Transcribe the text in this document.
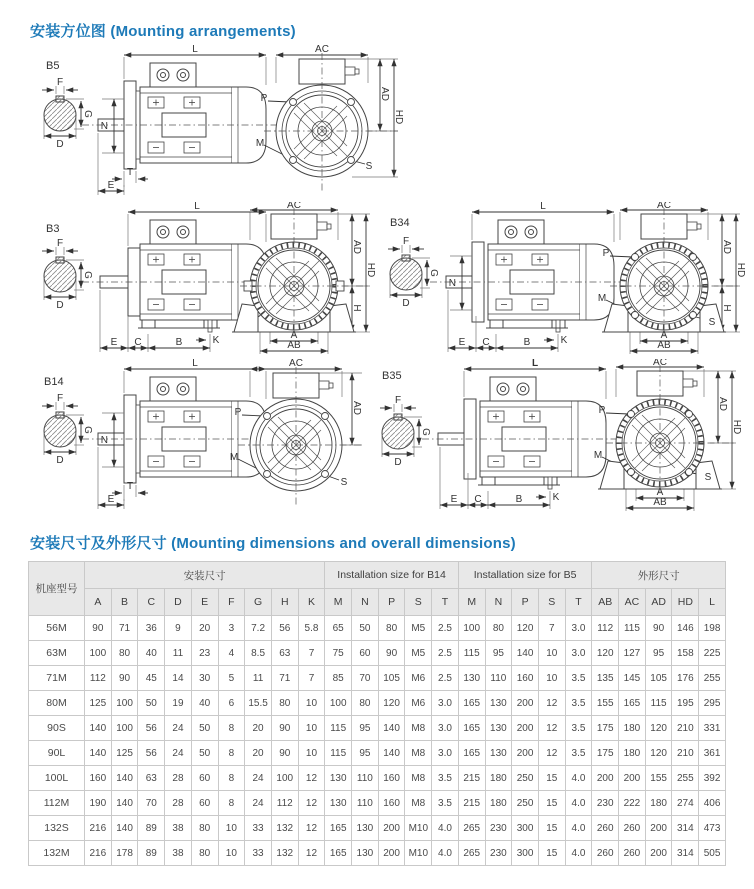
安装方位图 (Mounting arrangements)
B5
F
D
G
L
N
T
E
AC
AD
HD
P
M
S
B3
F
D
G
L
E C	B	K
AC
AD
H
HD
A
AB
B34
F
D
G
L
N
E C	B	K
AC
AD
H
HD
P
M
S
A
AB
B14
F
D
G
L
N
T
E
AC
AD
P
M
S
B35
F
D
G
L
E C	B	K
AC
AD
HD
P
M
S
A
AB
安装尺寸及外形尺寸 (Mounting dimensions and overall dimensions)
机座型号	安装尺寸									Installation size for B14					Installation size for B5					外形尺寸				
	A	B	C	D	E	F	G	H	K	M	N	P	S	T	M	N	P	S	T	AB	AC	AD	HD	L
56M	90	71	36	9	20	3	7.2	56	5.8	65	50	80	M5	2.5	100	80	120	7	3.0	112	115	90	146	198
63M	100	80	40	11	23	4	8.5	63	7	75	60	90	M5	2.5	115	95	140	10	3.0	120	127	95	158	225
71M	112	90	45	14	30	5	11	71	7	85	70	105	M6	2.5	130	110	160	10	3.5	135	145	105	176	255
80M	125	100	50	19	40	6	15.5	80	10	100	80	120	M6	3.0	165	130	200	12	3.5	155	165	115	195	295
90S	140	100	56	24	50	8	20	90	10	115	95	140	M8	3.0	165	130	200	12	3.5	175	180	120	210	331
90L	140	125	56	24	50	8	20	90	10	115	95	140	M8	3.0	165	130	200	12	3.5	175	180	120	210	361
100L	160	140	63	28	60	8	24	100	12	130	110	160	M8	3.5	215	180	250	15	4.0	200	200	155	255	392
112M	190	140	70	28	60	8	24	112	12	130	110	160	M8	3.5	215	180	250	15	4.0	230	222	180	274	406
132S	216	140	89	38	80	10	33	132	12	165	130	200	M10	4.0	265	230	300	15	4.0	260	260	200	314	473
132M	216	178	89	38	80	10	33	132	12	165	130	200	M10	4.0	265	230	300	15	4.0	260	260	200	314	505
